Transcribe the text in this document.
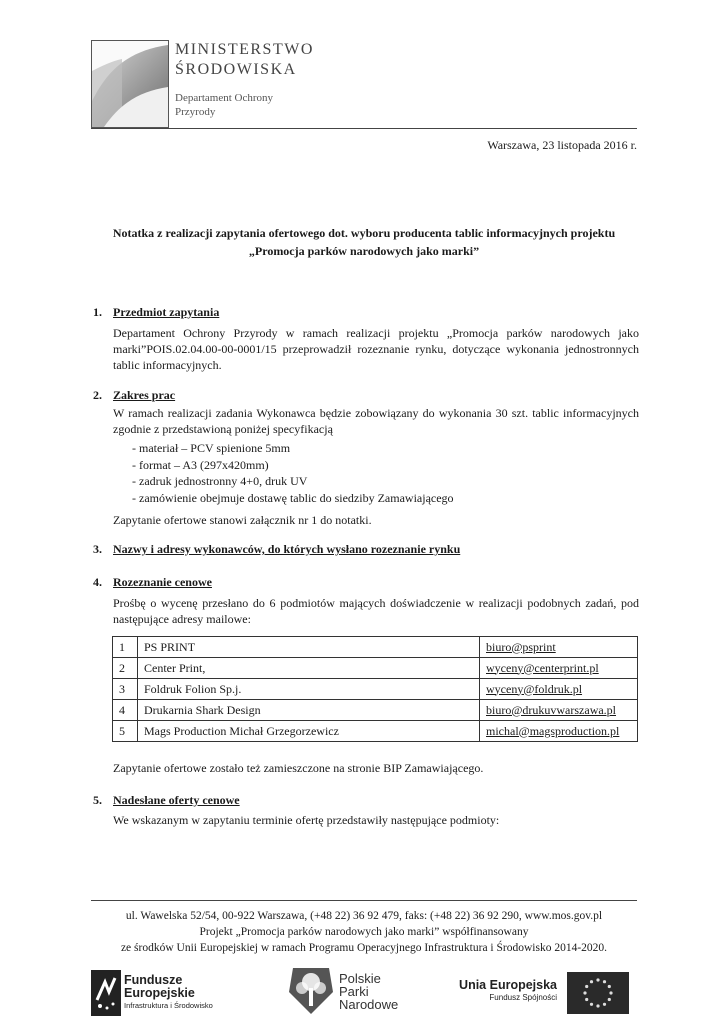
MINISTERSTWO
ŚRODOWISKA
Departament Ochrony
Przyrody
Warszawa, 23 listopada 2016 r.
Notatka z realizacji zapytania ofertowego dot. wyboru producenta tablic informacyjnych projektu
„Promocja parków narodowych jako marki”
1. Przedmiot zapytania
Departament Ochrony Przyrody w ramach realizacji projektu „Promocja parków narodowych jako marki”POIS.02.04.00-00-0001/15 przeprowadził rozeznanie rynku, dotyczące wykonania jednostronnych tablic informacyjnych.
2. Zakres prac
W ramach realizacji zadania Wykonawca będzie zobowiązany do wykonania 30 szt. tablic informacyjnych zgodnie z przedstawioną poniżej specyfikacją
- materiał – PCV spienione 5mm
- format – A3 (297x420mm)
- zadruk jednostronny 4+0, druk UV
- zamówienie obejmuje dostawę tablic do siedziby Zamawiającego
Zapytanie ofertowe stanowi załącznik nr 1 do notatki.
3. Nazwy i adresy wykonawców, do których wysłano rozeznanie rynku
4. Rozeznanie cenowe
Prośbę o wycenę przesłano do 6 podmiotów mających doświadczenie w realizacji podobnych zadań, pod następujące adresy mailowe:
1	PS PRINT	biuro@psprint
2	Center Print,	wyceny@centerprint.pl
3	Foldruk Folion Sp.j.	wyceny@foldruk.pl
4	Drukarnia Shark Design	biuro@drukuvwarszawa.pl
5	Mags Production Michał Grzegorzewicz	michal@magsproduction.pl
Zapytanie ofertowe zostało też zamieszczone na stronie BIP Zamawiającego.
5. Nadesłane oferty cenowe
We wskazanym w zapytaniu terminie ofertę przedstawiły następujące podmioty:
ul. Wawelska 52/54, 00-922 Warszawa, (+48 22) 36 92 479, faks: (+48 22) 36 92 290, www.mos.gov.pl
Projekt „Promocja parków narodowych jako marki” współfinansowany
ze środków Unii Europejskiej w ramach Programu Operacyjnego Infrastruktura i Środowisko 2014-2020.
Fundusze
Europejskie
Infrastruktura i Środowisko
Polskie
Parki
Narodowe
Unia Europejska
Fundusz Spójności
